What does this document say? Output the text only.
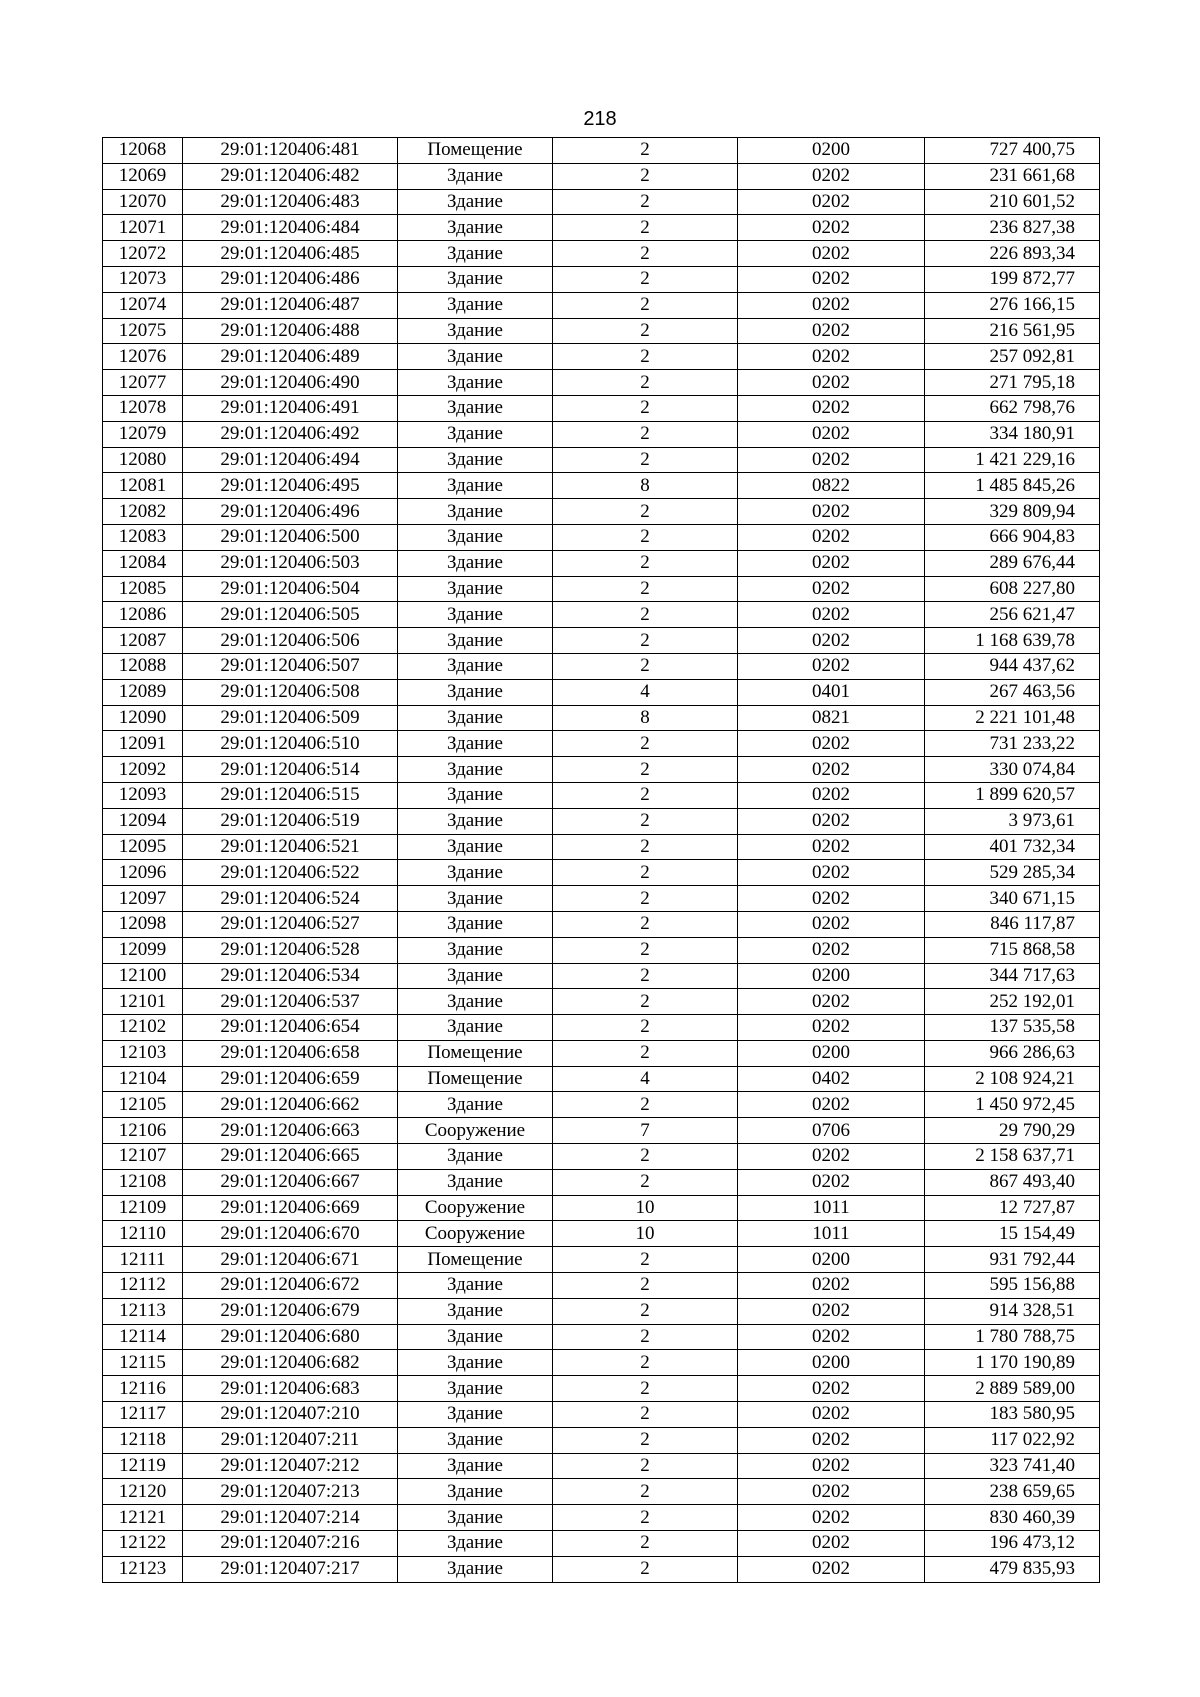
218
12068	29:01:120406:481	Помещение	2	0200	727 400,75
12069	29:01:120406:482	Здание	2	0202	231 661,68
12070	29:01:120406:483	Здание	2	0202	210 601,52
12071	29:01:120406:484	Здание	2	0202	236 827,38
12072	29:01:120406:485	Здание	2	0202	226 893,34
12073	29:01:120406:486	Здание	2	0202	199 872,77
12074	29:01:120406:487	Здание	2	0202	276 166,15
12075	29:01:120406:488	Здание	2	0202	216 561,95
12076	29:01:120406:489	Здание	2	0202	257 092,81
12077	29:01:120406:490	Здание	2	0202	271 795,18
12078	29:01:120406:491	Здание	2	0202	662 798,76
12079	29:01:120406:492	Здание	2	0202	334 180,91
12080	29:01:120406:494	Здание	2	0202	1 421 229,16
12081	29:01:120406:495	Здание	8	0822	1 485 845,26
12082	29:01:120406:496	Здание	2	0202	329 809,94
12083	29:01:120406:500	Здание	2	0202	666 904,83
12084	29:01:120406:503	Здание	2	0202	289 676,44
12085	29:01:120406:504	Здание	2	0202	608 227,80
12086	29:01:120406:505	Здание	2	0202	256 621,47
12087	29:01:120406:506	Здание	2	0202	1 168 639,78
12088	29:01:120406:507	Здание	2	0202	944 437,62
12089	29:01:120406:508	Здание	4	0401	267 463,56
12090	29:01:120406:509	Здание	8	0821	2 221 101,48
12091	29:01:120406:510	Здание	2	0202	731 233,22
12092	29:01:120406:514	Здание	2	0202	330 074,84
12093	29:01:120406:515	Здание	2	0202	1 899 620,57
12094	29:01:120406:519	Здание	2	0202	3 973,61
12095	29:01:120406:521	Здание	2	0202	401 732,34
12096	29:01:120406:522	Здание	2	0202	529 285,34
12097	29:01:120406:524	Здание	2	0202	340 671,15
12098	29:01:120406:527	Здание	2	0202	846 117,87
12099	29:01:120406:528	Здание	2	0202	715 868,58
12100	29:01:120406:534	Здание	2	0200	344 717,63
12101	29:01:120406:537	Здание	2	0202	252 192,01
12102	29:01:120406:654	Здание	2	0202	137 535,58
12103	29:01:120406:658	Помещение	2	0200	966 286,63
12104	29:01:120406:659	Помещение	4	0402	2 108 924,21
12105	29:01:120406:662	Здание	2	0202	1 450 972,45
12106	29:01:120406:663	Сооружение	7	0706	29 790,29
12107	29:01:120406:665	Здание	2	0202	2 158 637,71
12108	29:01:120406:667	Здание	2	0202	867 493,40
12109	29:01:120406:669	Сооружение	10	1011	12 727,87
12110	29:01:120406:670	Сооружение	10	1011	15 154,49
12111	29:01:120406:671	Помещение	2	0200	931 792,44
12112	29:01:120406:672	Здание	2	0202	595 156,88
12113	29:01:120406:679	Здание	2	0202	914 328,51
12114	29:01:120406:680	Здание	2	0202	1 780 788,75
12115	29:01:120406:682	Здание	2	0200	1 170 190,89
12116	29:01:120406:683	Здание	2	0202	2 889 589,00
12117	29:01:120407:210	Здание	2	0202	183 580,95
12118	29:01:120407:211	Здание	2	0202	117 022,92
12119	29:01:120407:212	Здание	2	0202	323 741,40
12120	29:01:120407:213	Здание	2	0202	238 659,65
12121	29:01:120407:214	Здание	2	0202	830 460,39
12122	29:01:120407:216	Здание	2	0202	196 473,12
12123	29:01:120407:217	Здание	2	0202	479 835,93
